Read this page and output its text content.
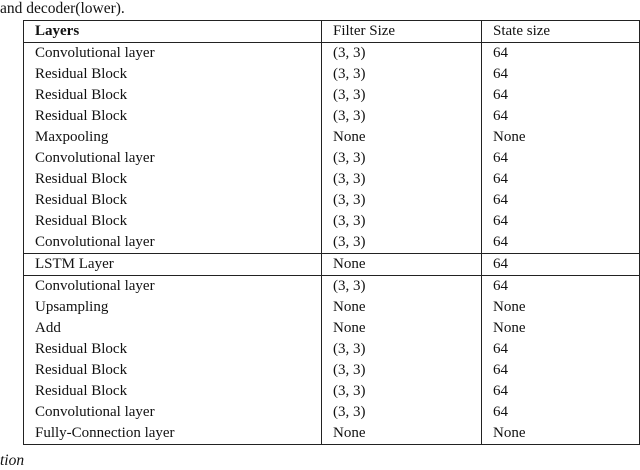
and decoder(lower).
Layers	Filter Size	State size
Convolutional layer	(3, 3)	64
Residual Block	(3, 3)	64
Residual Block	(3, 3)	64
Residual Block	(3, 3)	64
Maxpooling	None	None
Convolutional layer	(3, 3)	64
Residual Block	(3, 3)	64
Residual Block	(3, 3)	64
Residual Block	(3, 3)	64
Convolutional layer	(3, 3)	64
LSTM Layer	None	64
Convolutional layer	(3, 3)	64
Upsampling	None	None
Add	None	None
Residual Block	(3, 3)	64
Residual Block	(3, 3)	64
Residual Block	(3, 3)	64
Convolutional layer	(3, 3)	64
Fully-Connection layer	None	None
tion
